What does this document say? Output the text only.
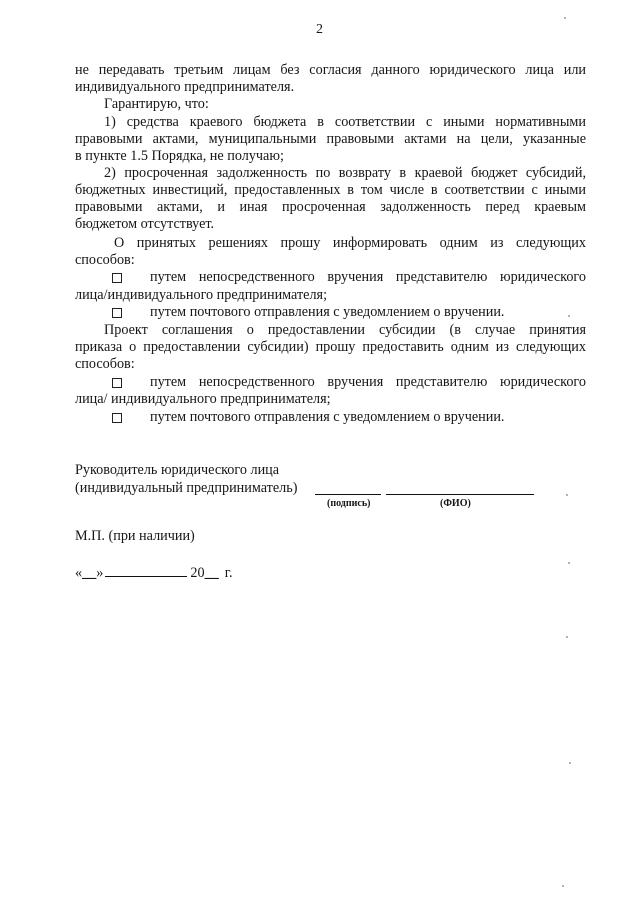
2
не передавать третьим лицам без согласия данного юридического лица или
индивидуального предпринимателя.
Гарантирую, что:
1) средства краевого бюджета в соответствии с иными нормативными
правовыми актами, муниципальными правовыми актами на цели, указанные
в пункте 1.5 Порядка, не получаю;
2) просроченная задолженность по возврату в краевой бюджет субсидий,
бюджетных инвестиций, предоставленных в том числе в соответствии с иными
правовыми актами, и иная просроченная задолженность перед краевым
бюджетом отсутствует.
О принятых решениях прошу информировать одним из следующих
способов:
путем непосредственного вручения представителю юридического
лица/индивидуального предпринимателя;
путем почтового отправления с уведомлением о вручении.
Проект соглашения о предоставлении субсидии (в случае принятия
приказа о предоставлении субсидии) прошу предоставить одним из следующих
способов:
путем непосредственного вручения представителю юридического
лица/ индивидуального предпринимателя;
путем почтового отправления с уведомлением о вручении.
Руководитель юридического лица
(индивидуальный предприниматель)
(подпись)	(ФИО)
М.П. (при наличии)
«__»	20__ г.
